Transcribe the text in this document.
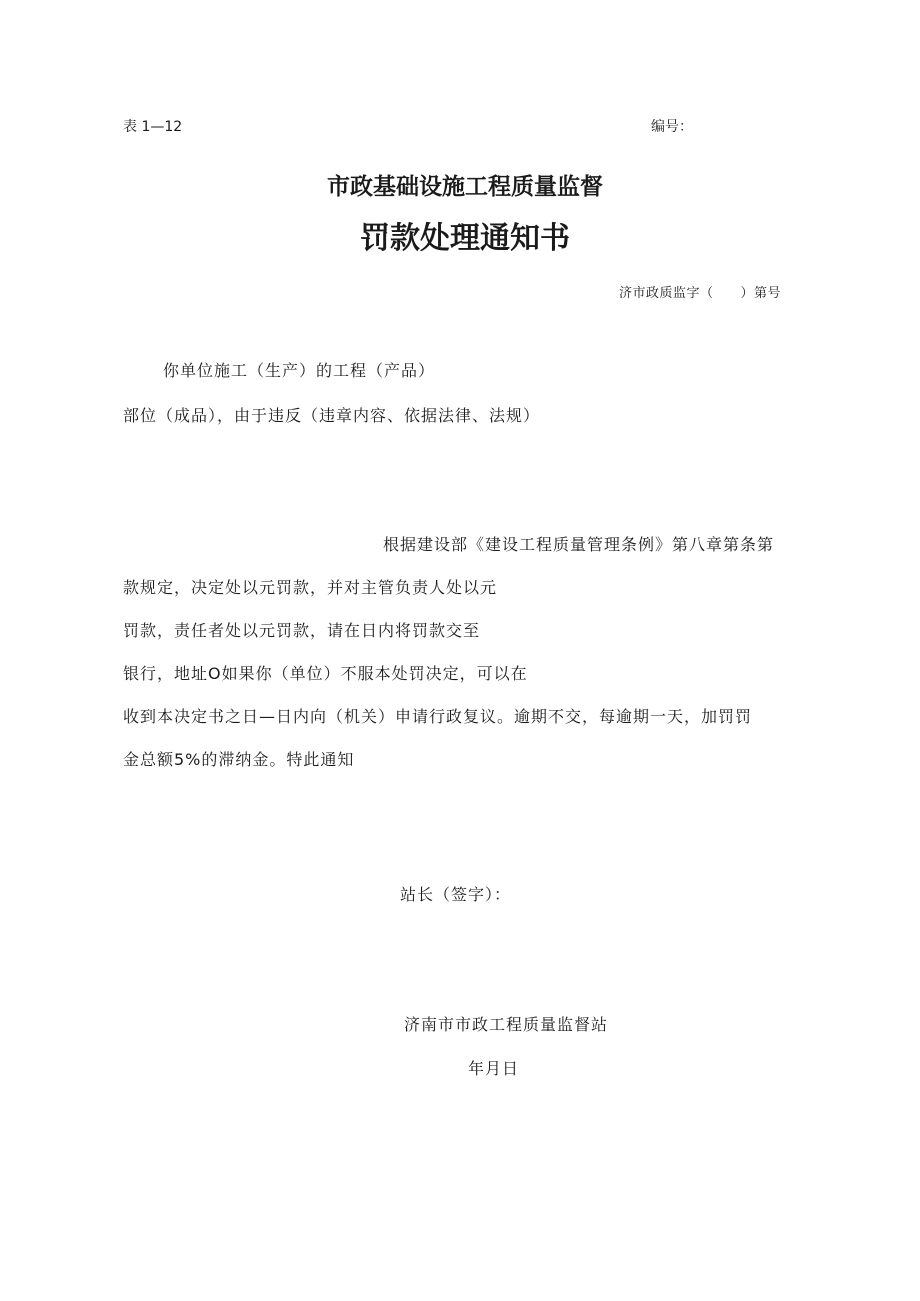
表 1—12	编号：
市政基础设施工程质量监督
罚款处理通知书
济市政质监字（　　）第号
你单位施工（生产）的工程（产品）
部位（成品），由于违反（违章内容、依据法律、法规）
根据建设部《建设工程质量管理条例》第八章第条第
款规定，决定处以元罚款，并对主管负责人处以元
罚款，责任者处以元罚款，请在日内将罚款交至
银行，地址O如果你（单位）不服本处罚决定，可以在
收到本决定书之日—日内向（机关）申请行政复议。逾期不交，每逾期一天，加罚罚
金总额5%的滞纳金。特此通知
站长（签字）：
济南市市政工程质量监督站
年月日
